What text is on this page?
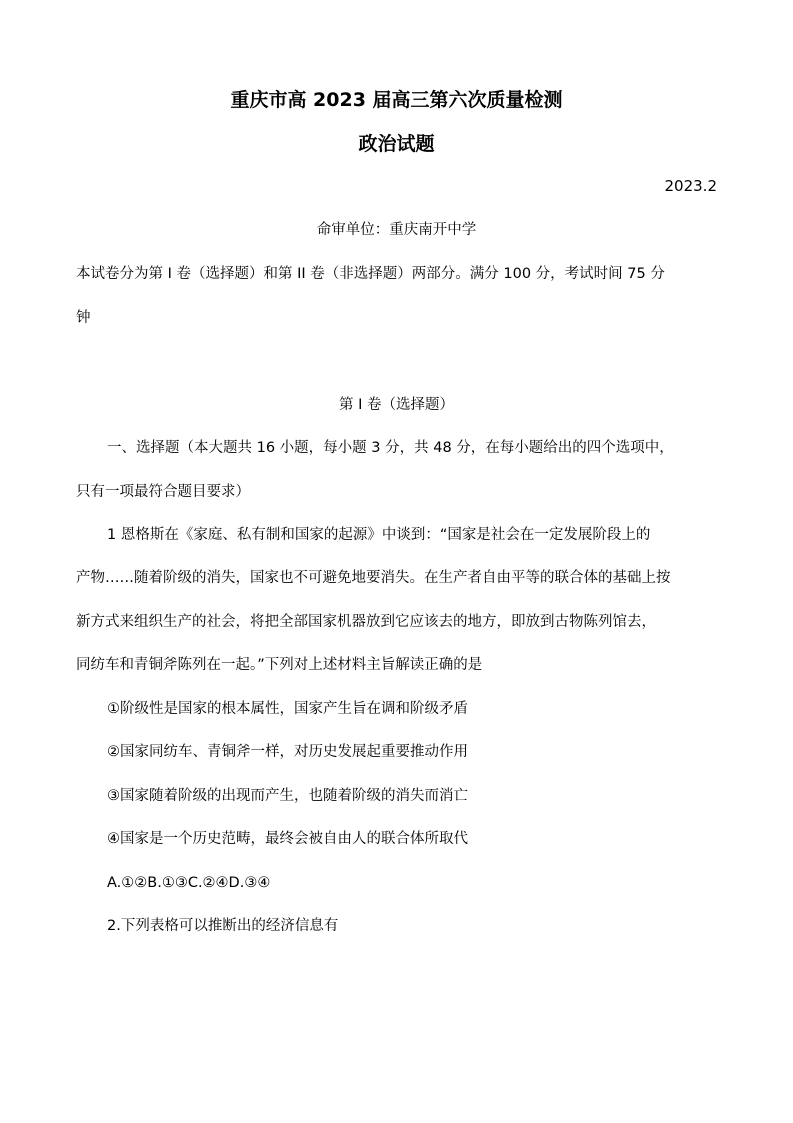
重庆市高 2023 届高三第六次质量检测
政治试题
2023.2
命审单位：重庆南开中学
本试卷分为第 I 卷（选择题）和第 II 卷（非选择题）两部分。满分 100 分，考试时间 75 分
钟
第 I 卷（选择题）
一、选择题（本大题共 16 小题，每小题 3 分，共 48 分，在每小题给出的四个选项中，
只有一项最符合题目要求）
1 恩格斯在《家庭、私有制和国家的起源》中谈到：“国家是社会在一定发展阶段上的
产物……随着阶级的消失，国家也不可避免地要消失。在生产者自由平等的联合体的基础上按
新方式来组织生产的社会，将把全部国家机器放到它应该去的地方，即放到古物陈列馆去，
同纺车和青铜斧陈列在一起。”下列对上述材料主旨解读正确的是
①阶级性是国家的根本属性，国家产生旨在调和阶级矛盾
②国家同纺车、青铜斧一样，对历史发展起重要推动作用
③国家随着阶级的出现而产生，也随着阶级的消失而消亡
④国家是一个历史范畴，最终会被自由人的联合体所取代
A.①②B.①③C.②④D.③④
2.下列表格可以推断出的经济信息有
